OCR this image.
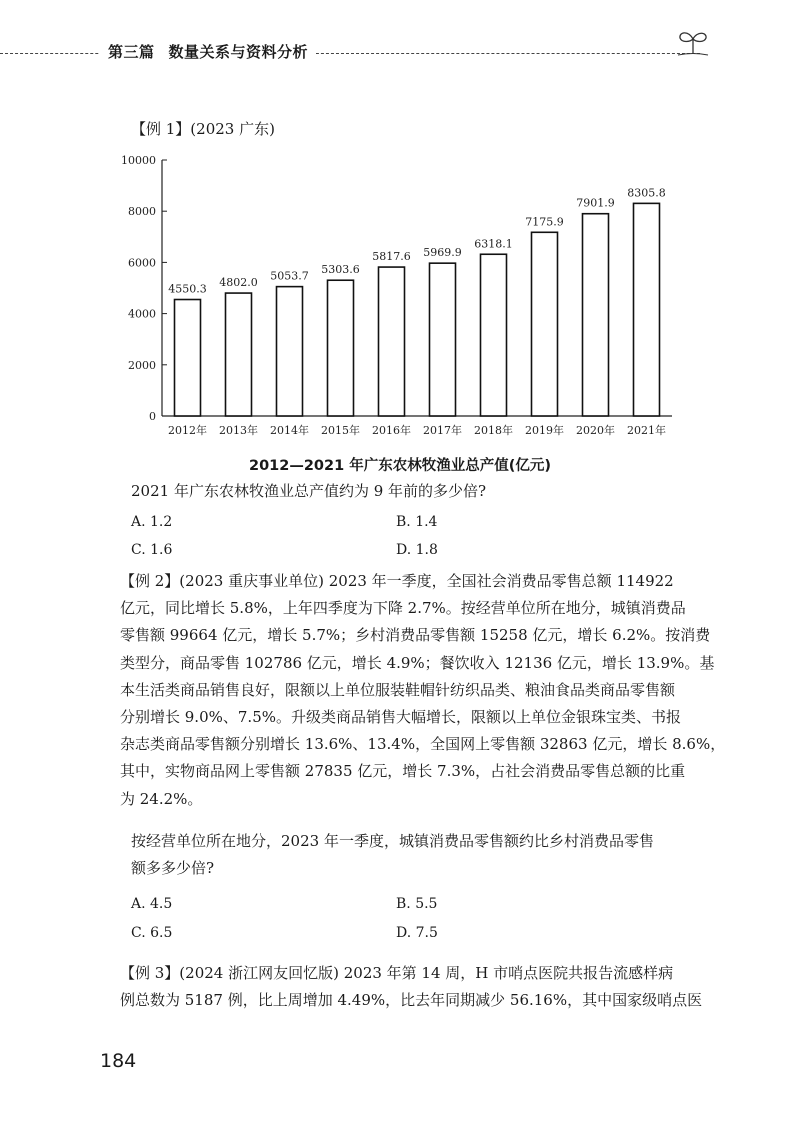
第三篇 数量关系与资料分析
【例 1】(2023 广东)
0
2000
4000
6000
8000
10000
4550.3
2012年
4802.0
2013年
5053.7
2014年
5303.6
2015年
5817.6
2016年
5969.9
2017年
6318.1
2018年
7175.9
2019年
7901.9
2020年
8305.8
2021年
2012—2021 年广东农林牧渔业总产值(亿元)
2021 年广东农林牧渔业总产值约为 9 年前的多少倍?
A. 1.2	B. 1.4
C. 1.6	D. 1.8
【例 2】(2023 重庆事业单位) 2023 年一季度，全国社会消费品零售总额 114922
亿元，同比增长 5.8%，上年四季度为下降 2.7%。按经营单位所在地分，城镇消费品
零售额 99664 亿元，增长 5.7%；乡村消费品零售额 15258 亿元，增长 6.2%。按消费
类型分，商品零售 102786 亿元，增长 4.9%；餐饮收入 12136 亿元，增长 13.9%。基
本生活类商品销售良好，限额以上单位服装鞋帽针纺织品类、粮油食品类商品零售额
分别增长 9.0%、7.5%。升级类商品销售大幅增长，限额以上单位金银珠宝类、书报
杂志类商品零售额分别增长 13.6%、13.4%，全国网上零售额 32863 亿元，增长 8.6%，
其中，实物商品网上零售额 27835 亿元，增长 7.3%，占社会消费品零售总额的比重
为 24.2%。
按经营单位所在地分，2023 年一季度，城镇消费品零售额约比乡村消费品零售
额多多少倍?
A. 4.5	B. 5.5
C. 6.5	D. 7.5
【例 3】(2024 浙江网友回忆版) 2023 年第 14 周，H 市哨点医院共报告流感样病
例总数为 5187 例，比上周增加 4.49%，比去年同期减少 56.16%，其中国家级哨点医
184
